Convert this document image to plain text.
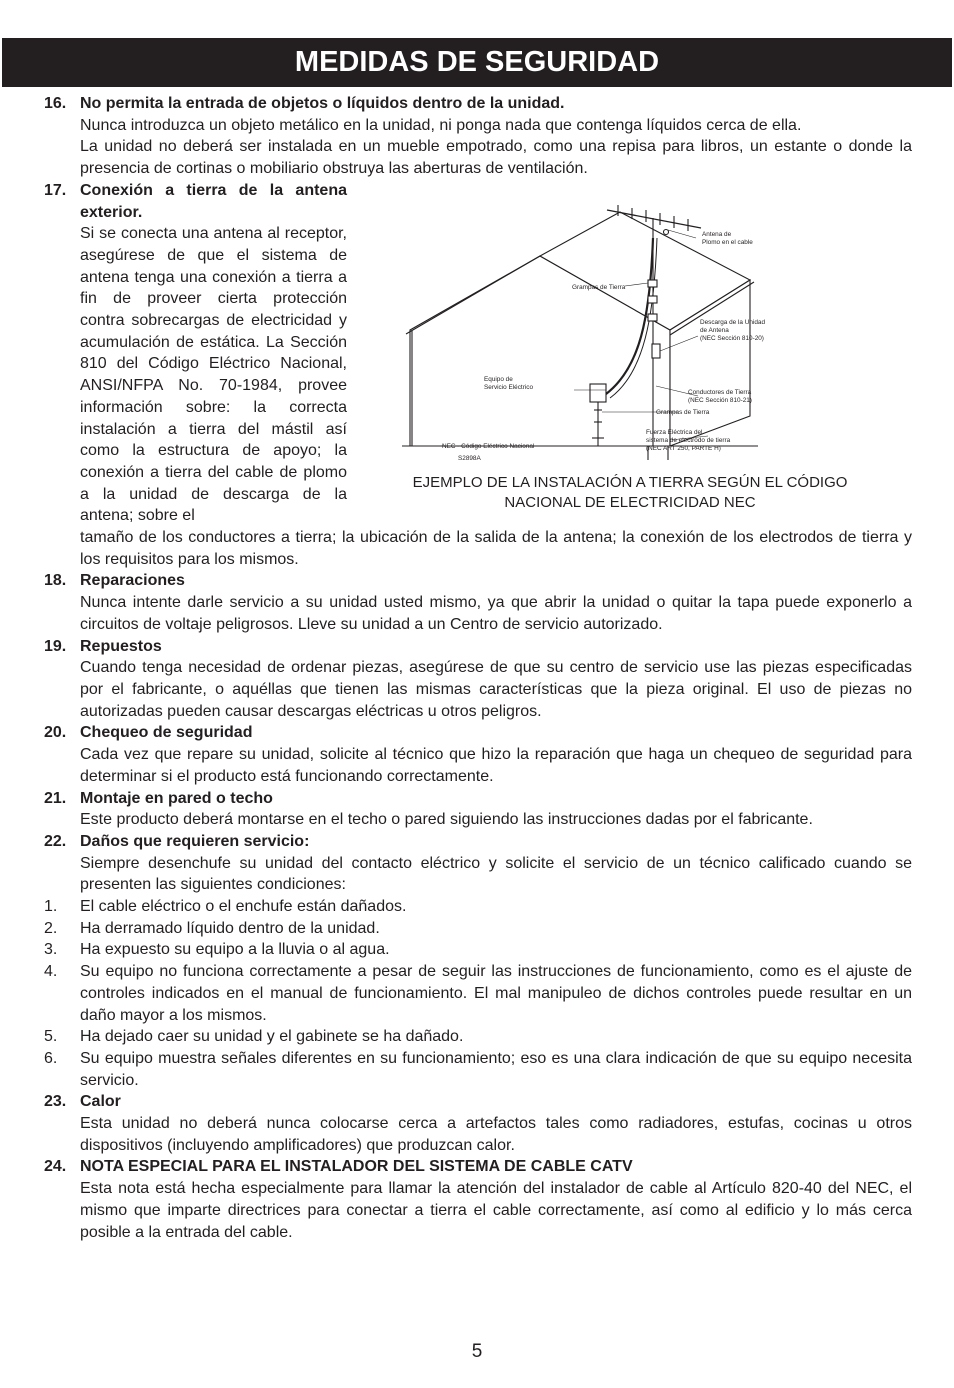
MEDIDAS DE SEGURIDAD
16. No permita la entrada de objetos o líquidos dentro de la unidad.

Nunca introduzca un objeto metálico en la unidad, ni ponga nada que contenga líquidos cerca de ella.

La unidad no deberá ser instalada en un mueble empotrado, como una repisa para libros, un estante o donde la presencia de cortinas o mobiliario obstruya las aberturas de ventilación.

17. Conexión a tierra de la antena exterior.

Si se conecta una antena al receptor, asegúrese de que el sistema de antena tenga una conexión a tierra a fin de proveer cierta protección contra sobrecargas de electricidad y acumulación de estática. La Sección 810 del Código Eléctrico Nacional, ANSI/NFPA No. 70-1984, provee información sobre: la correcta instalación a tierra del mástil así como la estructura de apoyo; la conexión a tierra del cable de plomo a la unidad de descarga de la antena; sobre el

tamaño de los conductores a tierra; la ubicación de la salida de la antena; la conexión de los electrodos de tierra y los requisitos para los mismos.

Antena de
Plomo en el cable
Grampas de Tierra
Descarga de la Unidad
de Antena
(NEC Sección 810-20)
Equipo de
Servicio Eléctrico
Conductores de Tierra
(NEC Sección 810-21)
Grampas de Tierra
Fuerza Eléctrica del
sistema de electrodo de tierra
(NEC ART 250, PARTE H)
NEC - Código Eléctrico Nacional
S2898A
EJEMPLO DE LA INSTALACIÓN A TIERRA SEGÚN EL CÓDIGO NACIONAL DE ELECTRICIDAD NEC
18. Reparaciones

Nunca intente darle servicio a su unidad usted mismo, ya que abrir la unidad o quitar la tapa puede exponerlo a circuitos de voltaje peligrosos. Lleve su unidad a un Centro de servicio autorizado.

19. Repuestos

Cuando tenga necesidad de ordenar piezas, asegúrese de que su centro de servicio use las piezas especificadas por el fabricante, o aquéllas que tienen las mismas características que la pieza original. El uso de piezas no autorizadas pueden causar descargas eléctricas u otros peligros.

20. Chequeo de seguridad

Cada vez que repare su unidad, solicite al técnico que hizo la reparación que haga un chequeo de seguridad para determinar si el producto está funcionando correctamente.

21. Montaje en pared o techo

Este producto deberá montarse en el techo o pared siguiendo las instrucciones dadas por el fabricante.

22. Daños que requieren servicio:

Siempre desenchufe su unidad del contacto eléctrico y solicite el servicio de un técnico calificado cuando se presenten las siguientes condiciones:

1. El cable eléctrico o el enchufe están dañados.

2. Ha derramado líquido dentro de la unidad.

3. Ha expuesto su equipo a la lluvia o al agua.

4. Su equipo no funciona correctamente a pesar de seguir las instrucciones de funcionamiento, como es el ajuste de controles indicados en el manual de funcionamiento. El mal manipuleo de dichos controles puede resultar en un daño mayor a los mismos.

5. Ha dejado caer su unidad y el gabinete se ha dañado.

6. Su equipo muestra señales diferentes en su funcionamiento; eso es una clara indicación de que su equipo necesita servicio.

23. Calor

Esta unidad no deberá nunca colocarse cerca a artefactos tales como radiadores, estufas, cocinas u otros dispositivos (incluyendo amplificadores) que produzcan calor.

24. NOTA ESPECIAL PARA EL INSTALADOR DEL SISTEMA DE CABLE CATV

Esta nota está hecha especialmente para llamar la atención del instalador de cable al Artículo 820-40 del NEC, el mismo que imparte directrices para conectar a tierra el cable correctamente, así como al edificio y lo más cerca posible a la entrada del cable.

5
